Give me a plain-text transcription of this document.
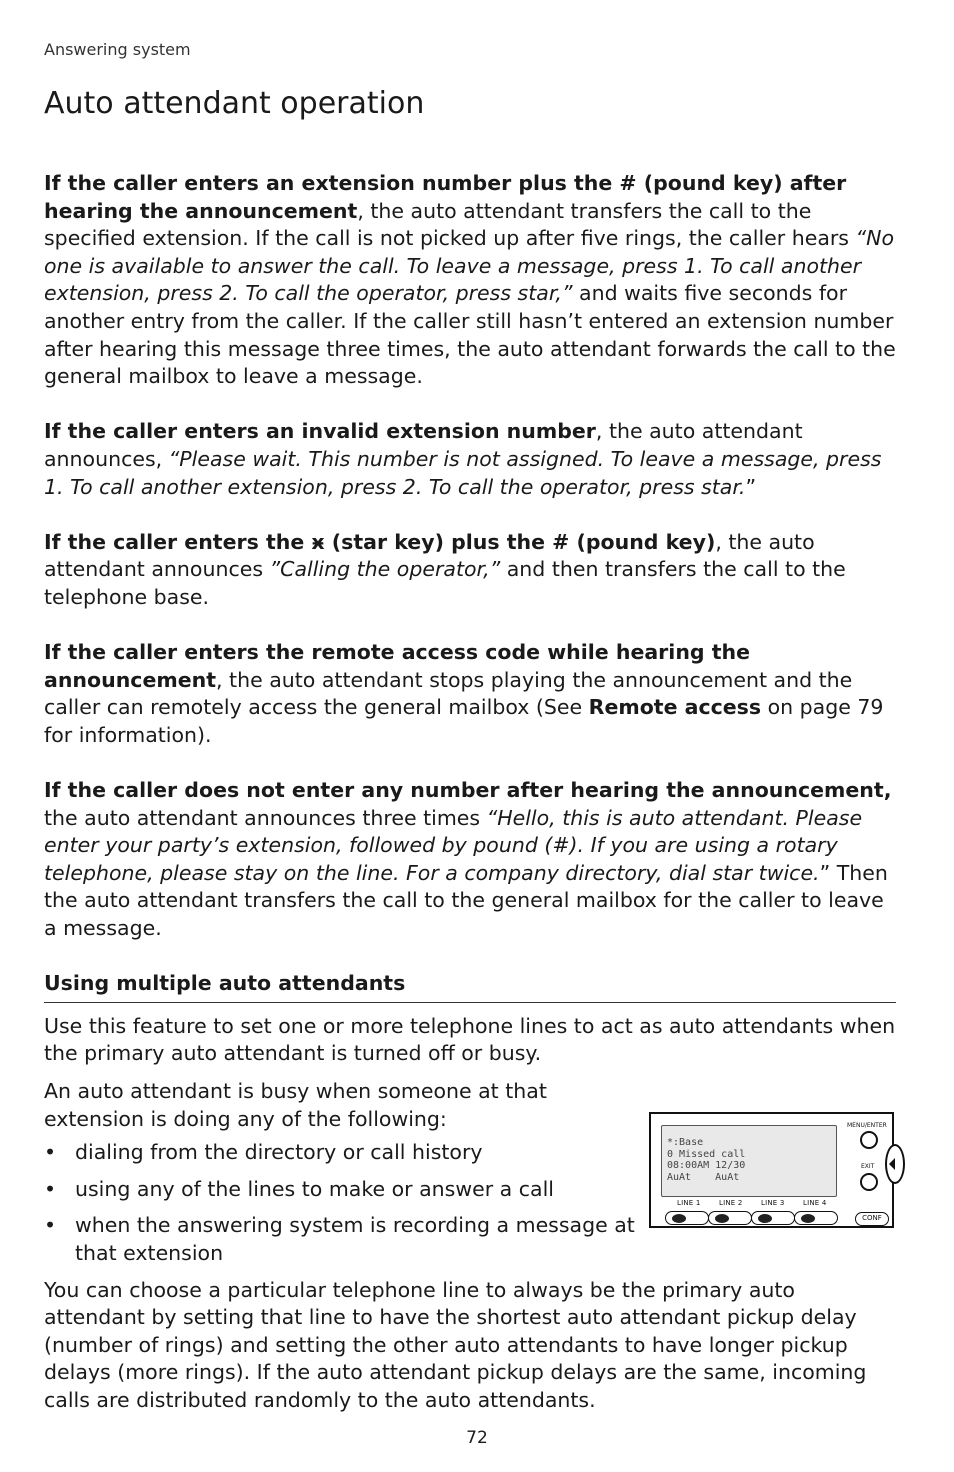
Answering system
Auto attendant operation

If the caller enters an extension number plus the # (pound key) after hearing the announcement, the auto attendant transfers the call to the specified extension. If the call is not picked up after five rings, the caller hears “No one is available to answer the call. To leave a message, press 1. To call another extension, press 2. To call the operator, press star,” and waits five seconds for another entry from the caller. If the caller still hasn’t entered an extension number after hearing this message three times, the auto attendant forwards the call to the general mailbox to leave a message.

If the caller enters an invalid extension number, the auto attendant announces, “Please wait. This number is not assigned. To leave a message, press 1. To call another extension, press 2. To call the operator, press star.”

If the caller enters the ӿ (star key) plus the # (pound key), the auto attendant announces ”Calling the operator,” and then transfers the call to the telephone base.

If the caller enters the remote access code while hearing the announcement, the auto attendant stops playing the announcement and the caller can remotely access the general mailbox (See Remote access on page 79 for information).

If the caller does not enter any number after hearing the announcement, the auto attendant announces three times “Hello, this is auto attendant. Please enter your party’s extension, followed by pound (#). If you are using a rotary telephone, please stay on the line. For a company directory, dial star twice.” Then the auto attendant transfers the call to the general mailbox for the caller to leave a message.

Using multiple auto attendants

Use this feature to set one or more telephone lines to act as auto attendants when the primary auto attendant is turned off or busy.

An auto attendant is busy when someone at that extension is doing any of the following:

• dialing from the directory or call history
• using any of the lines to make or answer a call
• when the answering system is recording a message at that extension

You can choose a particular telephone line to always be the primary auto attendant by setting that line to have the shortest auto attendant pickup delay (number of rings) and setting the other auto attendants to have longer pickup delays (more rings). If the auto attendant pickup delays are the same, incoming calls are distributed randomly to the auto attendants.

*:Base
0 Missed call
08:00AM 12/30
AuAt    AuAt
LINE 1	LINE 2	LINE 3	LINE 4
MENU/ENTER
EXIT
CONF
72
